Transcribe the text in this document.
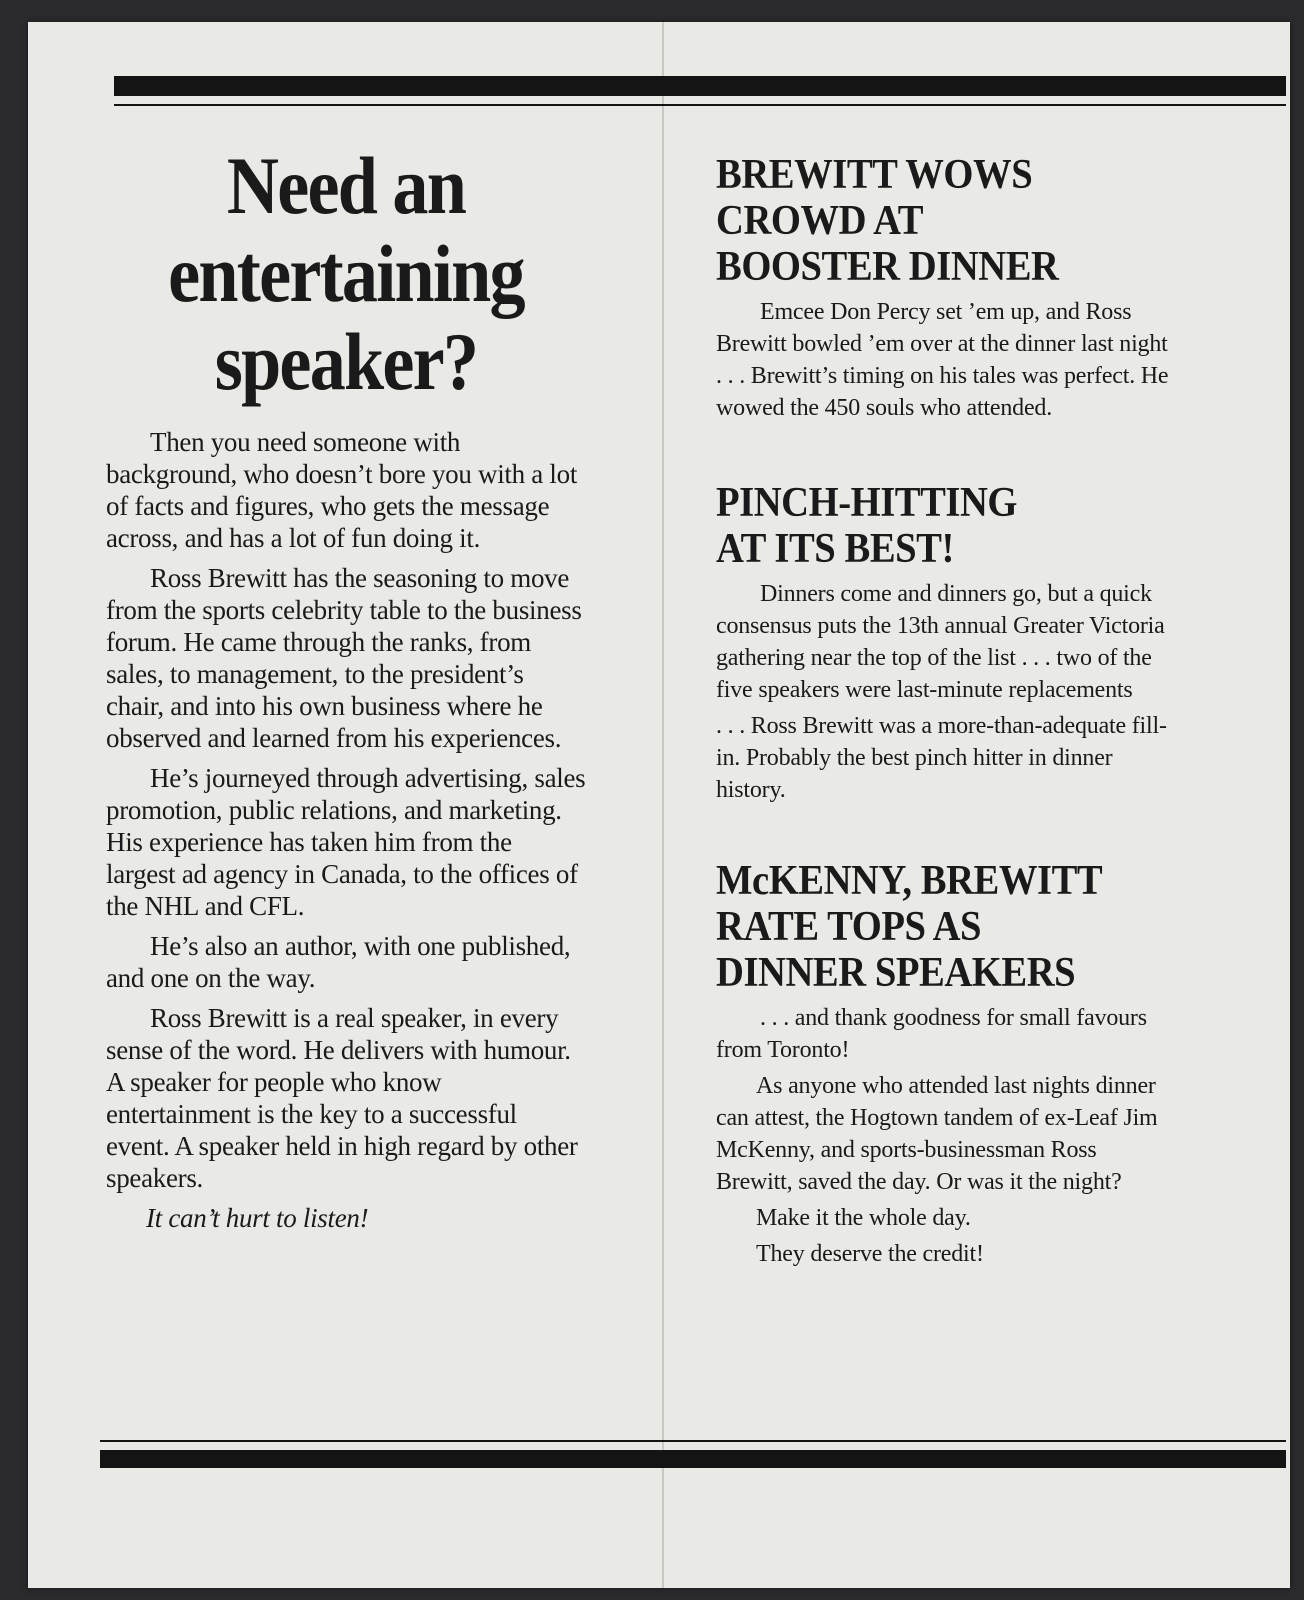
Need an
entertaining
speaker?

Then you need someone with background, who doesn’t bore you with a lot of facts and figures, who gets the message across, and has a lot of fun doing it.

Ross Brewitt has the seasoning to move from the sports celebrity table to the business forum. He came through the ranks, from sales, to management, to the president’s chair, and into his own business where he observed and learned from his experiences.

He’s journeyed through advertising, sales promotion, public relations, and marketing. His experience has taken him from the largest ad agency in Canada, to the offices of the NHL and CFL.

He’s also an author, with one published, and one on the way.

Ross Brewitt is a real speaker, in every sense of the word. He delivers with humour. A speaker for people who know entertainment is the key to a successful event. A speaker held in high regard by other speakers.

It can’t hurt to listen!

BREWITT WOWS
CROWD AT
BOOSTER DINNER

Emcee Don Percy set ’em up, and Ross Brewitt bowled ’em over at the dinner last night . . . Brewitt’s timing on his tales was perfect. He wowed the 450 souls who attended.

PINCH-HITTING
AT ITS BEST!

Dinners come and dinners go, but a quick consensus puts the 13th annual Greater Victoria gathering near the top of the list . . . two of the five speakers were last-minute replacements

. . . Ross Brewitt was a more-than-adequate fill-in. Probably the best pinch hitter in dinner history.

McKENNY, BREWITT
RATE TOPS AS
DINNER SPEAKERS

. . . and thank goodness for small favours from Toronto!

As anyone who attended last nights dinner can attest, the Hogtown tandem of ex-Leaf Jim McKenny, and sports-businessman Ross Brewitt, saved the day. Or was it the night?

Make it the whole day.

They deserve the credit!
